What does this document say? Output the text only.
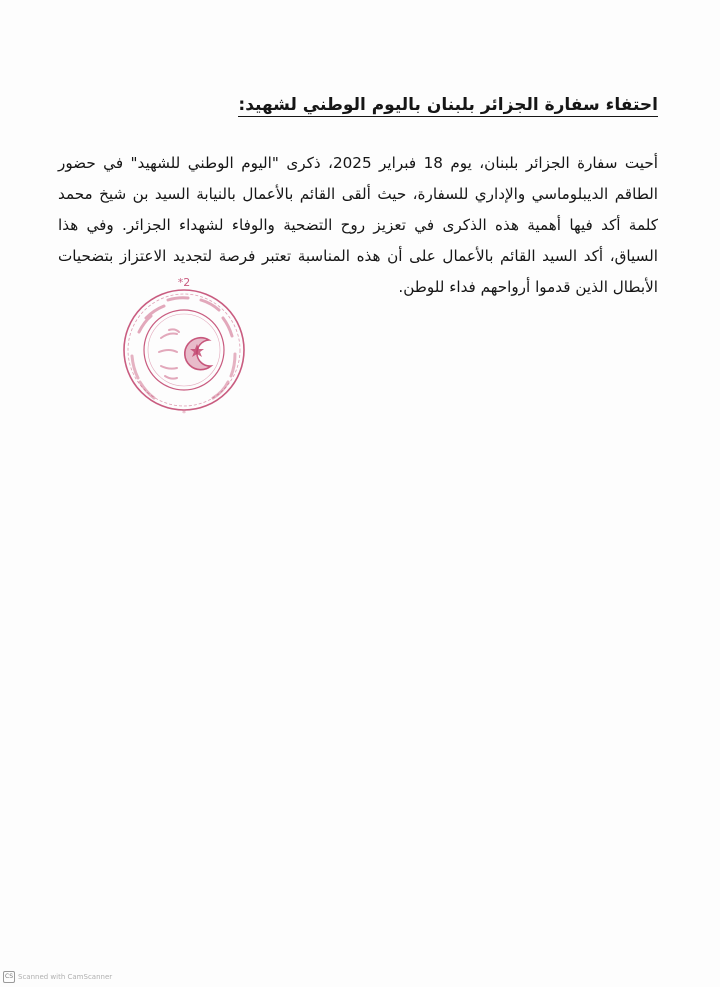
احتفاء سفارة الجزائر بلبنان باليوم الوطني لشهيد:

أحيت سفارة الجزائر بلبنان، يوم 18 فبراير 2025، ذكرى "اليوم الوطني للشهيد" في حضور الطاقم الديبلوماسي والإداري للسفارة، حيث ألقى القائم بالأعمال بالنيابة السيد بن شيخ محمد كلمة أكد فيها أهمية هذه الذكرى في تعزيز روح التضحية والوفاء لشهداء الجزائر. وفي هذا السياق، أكد السيد القائم بالأعمال على أن هذه المناسبة تعتبر فرصة لتجديد الاعتزاز بتضحيات الأبطال الذين قدموا أرواحهم فداء للوطن.

*2
*
CS Scanned with CamScanner
